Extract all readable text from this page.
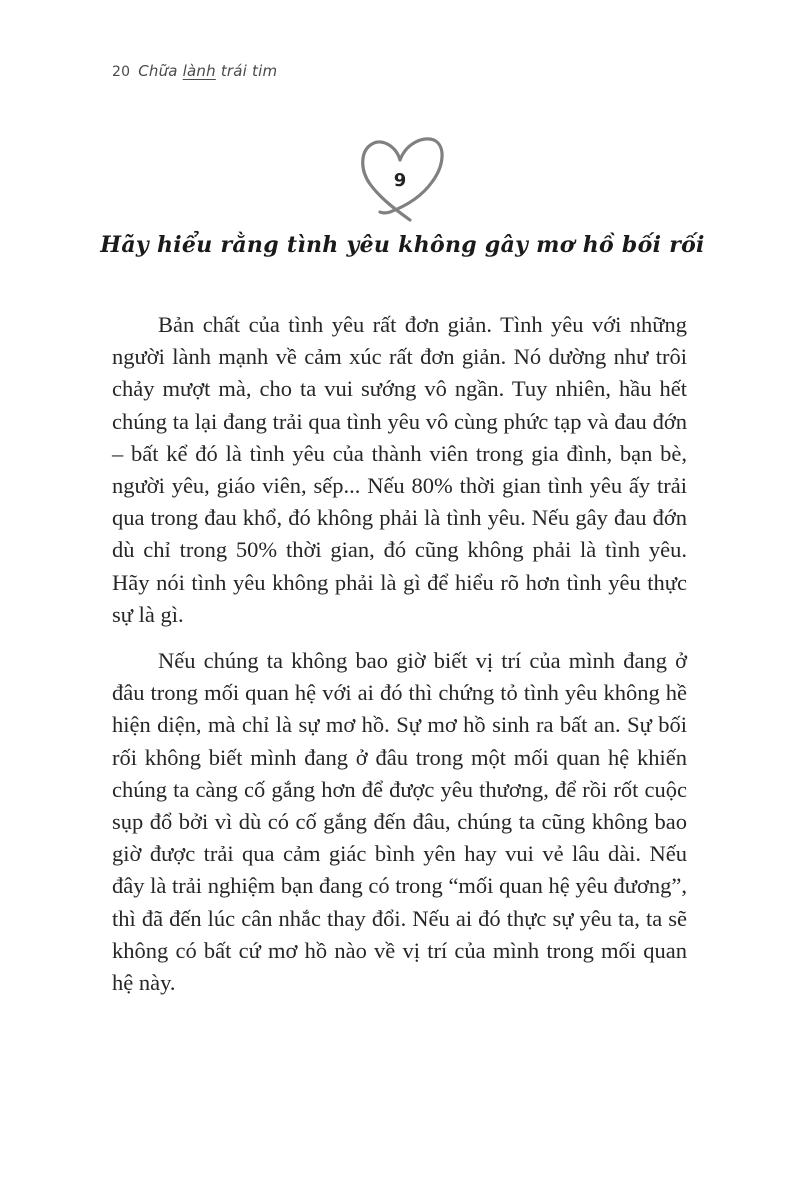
20 Chữa lành trái tim
9
Hãy hiểu rằng tình yêu không gây mơ hồ bối rối

Bản chất của tình yêu rất đơn giản. Tình yêu với những người lành mạnh về cảm xúc rất đơn giản. Nó dường như trôi chảy mượt mà, cho ta vui sướng vô ngần. Tuy nhiên, hầu hết chúng ta lại đang trải qua tình yêu vô cùng phức tạp và đau đớn – bất kể đó là tình yêu của thành viên trong gia đình, bạn bè, người yêu, giáo viên, sếp... Nếu 80% thời gian tình yêu ấy trải qua trong đau khổ, đó không phải là tình yêu. Nếu gây đau đớn dù chỉ trong 50% thời gian, đó cũng không phải là tình yêu. Hãy nói tình yêu không phải là gì để hiểu rõ hơn tình yêu thực sự là gì.

Nếu chúng ta không bao giờ biết vị trí của mình đang ở đâu trong mối quan hệ với ai đó thì chứng tỏ tình yêu không hề hiện diện, mà chỉ là sự mơ hồ. Sự mơ hồ sinh ra bất an. Sự bối rối không biết mình đang ở đâu trong một mối quan hệ khiến chúng ta càng cố gắng hơn để được yêu thương, để rồi rốt cuộc sụp đổ bởi vì dù có cố gắng đến đâu, chúng ta cũng không bao giờ được trải qua cảm giác bình yên hay vui vẻ lâu dài. Nếu đây là trải nghiệm bạn đang có trong “mối quan hệ yêu đương”, thì đã đến lúc cân nhắc thay đổi. Nếu ai đó thực sự yêu ta, ta sẽ không có bất cứ mơ hồ nào về vị trí của mình trong mối quan hệ này.
